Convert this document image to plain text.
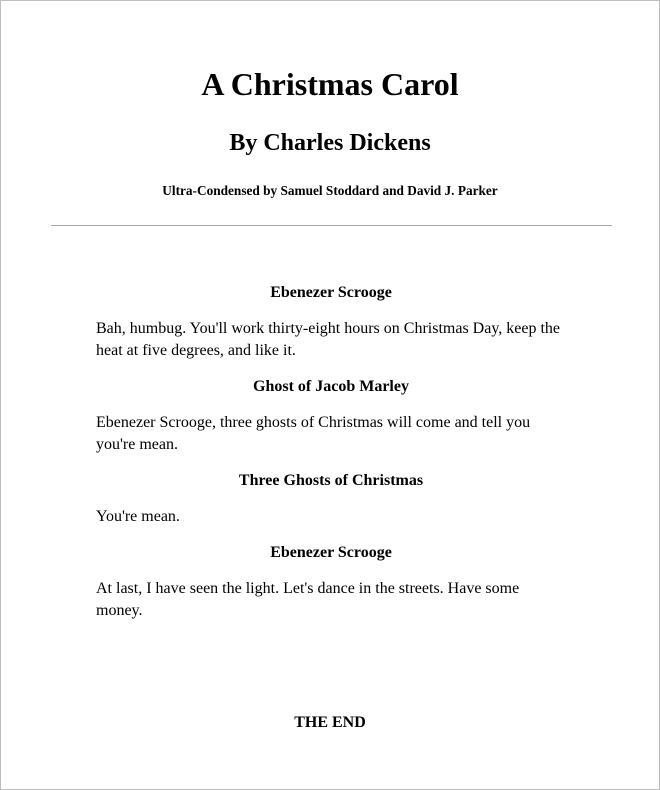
A Christmas Carol
By Charles Dickens
Ultra-Condensed by Samuel Stoddard and David J. Parker

Ebenezer Scrooge

Bah, humbug. You'll work thirty-eight hours on Christmas Day, keep the heat at five degrees, and like it.

Ghost of Jacob Marley

Ebenezer Scrooge, three ghosts of Christmas will come and tell you you're mean.

Three Ghosts of Christmas

You're mean.

Ebenezer Scrooge

At last, I have seen the light. Let's dance in the streets. Have some money.

THE END
